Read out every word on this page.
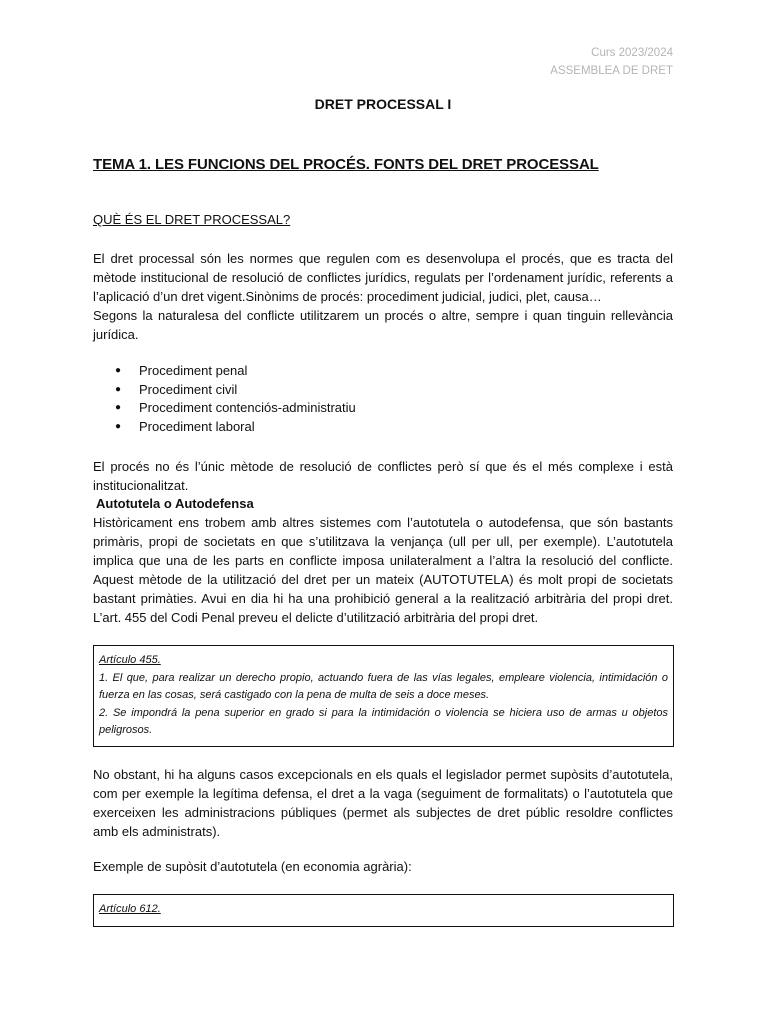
Curs 2023/2024
ASSEMBLEA DE DRET
DRET PROCESSAL I
TEMA 1. LES FUNCIONS DEL PROCÉS. FONTS DEL DRET PROCESSAL
QUÈ ÉS EL DRET PROCESSAL?

El dret processal són les normes que regulen com es desenvolupa el procés, que es tracta del mètode institucional de resolució de conflictes jurídics, regulats per l’ordenament jurídic, referents a l’aplicació d’un dret vigent.Sinònims de procés: procediment judicial, judici, plet, causa…

Segons la naturalesa del conflicte utilitzarem un procés o altre, sempre i quan tinguin rellevància jurídica.

● Procediment penal
● Procediment civil
● Procediment contenciós-administratiu
● Procediment laboral

El procés no és l’únic mètode de resolució de conflictes però sí que és el més complexe i està institucionalitzat.

Autotutela o Autodefensa

Històricament ens trobem amb altres sistemes com l’autotutela o autodefensa, que són bastants primàris, propi de societats en que s’utilitzava la venjança (ull per ull, per exemple). L’autotutela implica que una de les parts en conflicte imposa unilateralment a l’altra la resolució del conflicte. Aquest mètode de la utilització del dret per un mateix (AUTOTUTELA) és molt propi de societats bastant primàties. Avui en dia hi ha una prohibició general a la realització arbitrària del propi dret. L’art. 455 del Codi Penal preveu el delicte d’utilització arbitrària del propi dret.

Artículo 455.
1. El que, para realizar un derecho propio, actuando fuera de las vías legales, empleare violencia, intimidación o fuerza en las cosas, será castigado con la pena de multa de seis a doce meses.
2. Se impondrá la pena superior en grado si para la intimidación o violencia se hiciera uso de armas u objetos peligrosos.

No obstant, hi ha alguns casos excepcionals en els quals el legislador permet supòsits d’autotutela, com per exemple la legítima defensa, el dret a la vaga (seguiment de formalitats) o l’autotutela que exerceixen les administracions públiques (permet als subjectes de dret públic resoldre conflictes amb els administrats).

Exemple de supòsit d’autotutela (en economia agrària):

Artículo 612.
